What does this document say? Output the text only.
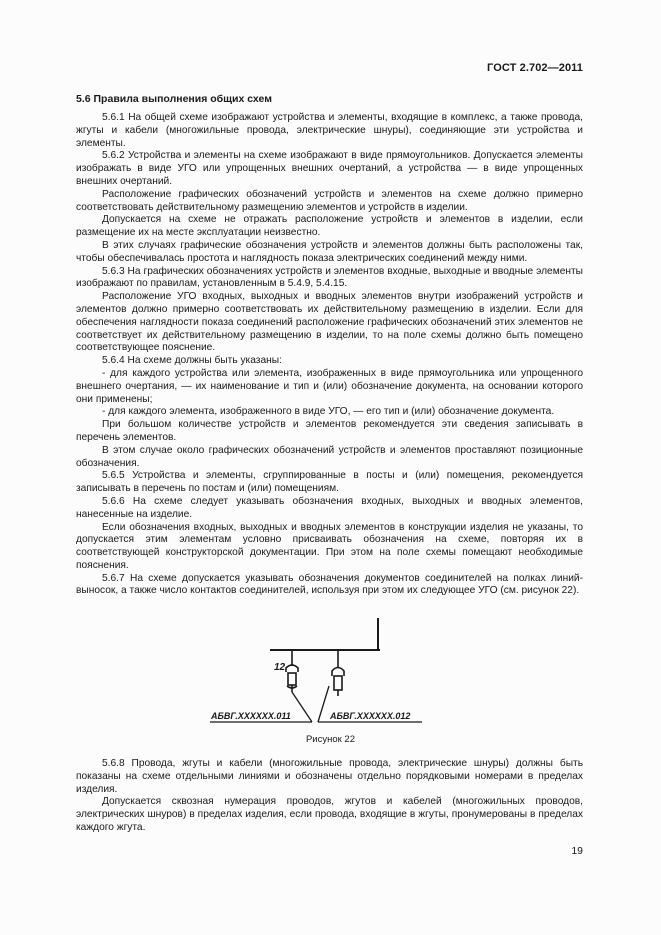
ГОСТ 2.702—2011
5.6 Правила выполнения общих схем

5.6.1 На общей схеме изображают устройства и элементы, входящие в комплекс, а также провода, жгуты и кабели (многожильные провода, электрические шнуры), соединяющие эти устройства и элементы.

5.6.2 Устройства и элементы на схеме изображают в виде прямоугольников. Допускается элементы изображать в виде УГО или упрощенных внешних очертаний, а устройства — в виде упрощенных внешних очертаний.

Расположение графических обозначений устройств и элементов на схеме должно примерно соответствовать действительному размещению элементов и устройств в изделии.

Допускается на схеме не отражать расположение устройств и элементов в изделии, если размещение их на месте эксплуатации неизвестно.

В этих случаях графические обозначения устройств и элементов должны быть расположены так, чтобы обеспечивалась простота и наглядность показа электрических соединений между ними.

5.6.3 На графических обозначениях устройств и элементов входные, выходные и вводные элементы изображают по правилам, установленным в 5.4.9, 5.4.15.

Расположение УГО входных, выходных и вводных элементов внутри изображений устройств и элементов должно примерно соответствовать их действительному размещению в изделии. Если для обеспечения наглядности показа соединений расположение графических обозначений этих элементов не соответствует их действительному размещению в изделии, то на поле схемы должно быть помещено соответствующее пояснение.

5.6.4 На схеме должны быть указаны:

- для каждого устройства или элемента, изображенных в виде прямоугольника или упрощенного внешнего очертания, — их наименование и тип и (или) обозначение документа, на основании которого они применены;

- для каждого элемента, изображенного в виде УГО, — его тип и (или) обозначение документа.

При большом количестве устройств и элементов рекомендуется эти сведения записывать в перечень элементов.

В этом случае около графических обозначений устройств и элементов проставляют позиционные обозначения.

5.6.5 Устройства и элементы, сгруппированные в посты и (или) помещения, рекомендуется записывать в перечень по постам и (или) помещениям.

5.6.6 На схеме следует указывать обозначения входных, выходных и вводных элементов, нанесенные на изделие.

Если обозначения входных, выходных и вводных элементов в конструкции изделия не указаны, то допускается этим элементам условно присваивать обозначения на схеме, повторяя их в соответствующей конструкторской документации. При этом на поле схемы помещают необходимые пояснения.

5.6.7 На схеме допускается указывать обозначения документов соединителей на полках линий-выносок, а также число контактов соединителей, используя при этом их следующее УГО (см. рисунок 22).

12
АБВГ.XXXXXX.011	АБВГ.XXXXXX.012
Рисунок 22

5.6.8 Провода, жгуты и кабели (многожильные провода, электрические шнуры) должны быть показаны на схеме отдельными линиями и обозначены отдельно порядковыми номерами в пределах изделия.

Допускается сквозная нумерация проводов, жгутов и кабелей (многожильных проводов, электрических шнуров) в пределах изделия, если провода, входящие в жгуты, пронумерованы в пределах каждого жгута.

19
